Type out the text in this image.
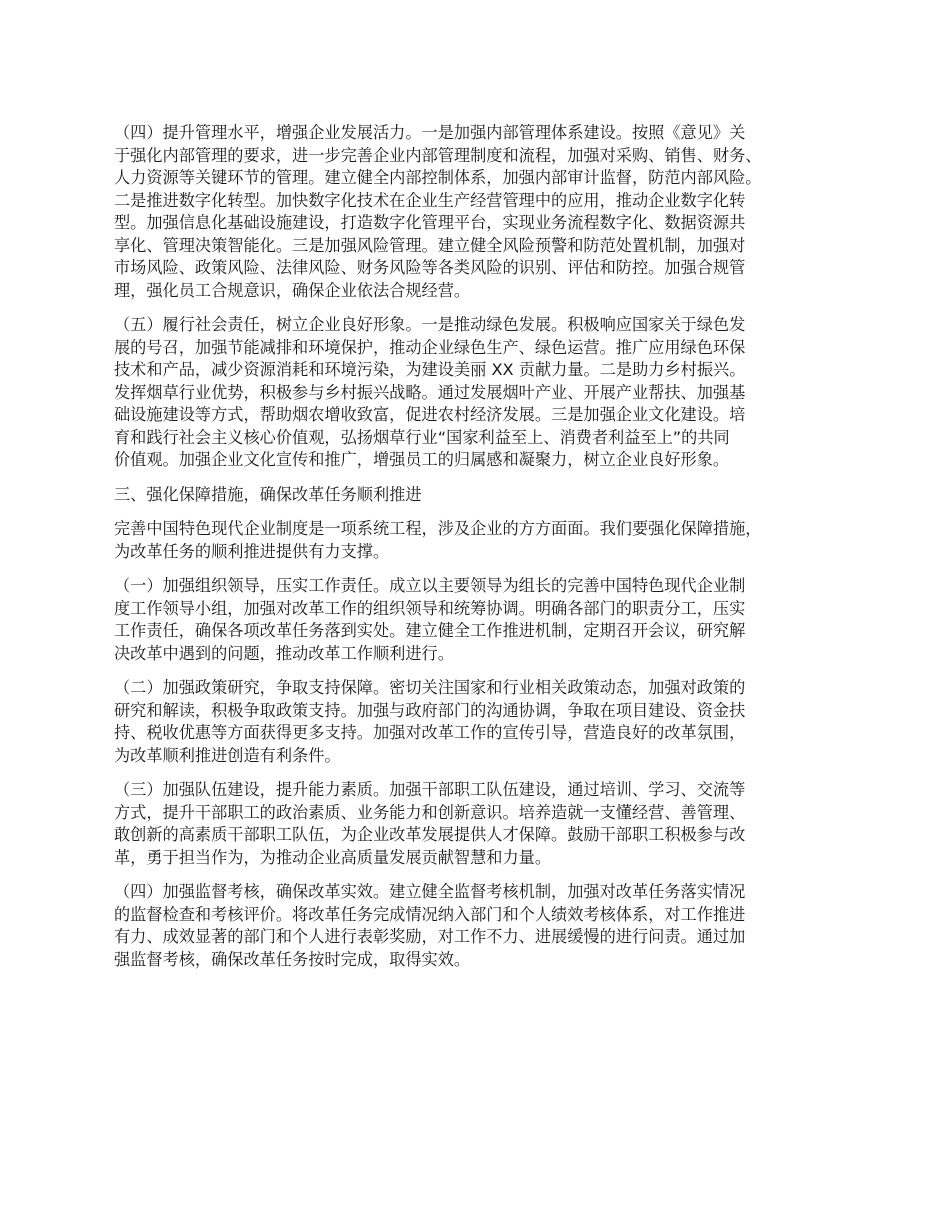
（四）提升管理水平，增强企业发展活力。一是加强内部管理体系建设。按照《意见》关
于强化内部管理的要求，进一步完善企业内部管理制度和流程，加强对采购、销售、财务、
人力资源等关键环节的管理。建立健全内部控制体系，加强内部审计监督，防范内部风险。
二是推进数字化转型。加快数字化技术在企业生产经营管理中的应用，推动企业数字化转
型。加强信息化基础设施建设，打造数字化管理平台，实现业务流程数字化、数据资源共
享化、管理决策智能化。三是加强风险管理。建立健全风险预警和防范处置机制，加强对
市场风险、政策风险、法律风险、财务风险等各类风险的识别、评估和防控。加强合规管
理，强化员工合规意识，确保企业依法合规经营。
（五）履行社会责任，树立企业良好形象。一是推动绿色发展。积极响应国家关于绿色发
展的号召，加强节能减排和环境保护，推动企业绿色生产、绿色运营。推广应用绿色环保
技术和产品，减少资源消耗和环境污染，为建设美丽 XX 贡献力量。二是助力乡村振兴。
发挥烟草行业优势，积极参与乡村振兴战略。通过发展烟叶产业、开展产业帮扶、加强基
础设施建设等方式，帮助烟农增收致富，促进农村经济发展。三是加强企业文化建设。培
育和践行社会主义核心价值观，弘扬烟草行业“国家利益至上、消费者利益至上”的共同
价值观。加强企业文化宣传和推广，增强员工的归属感和凝聚力，树立企业良好形象。
三、强化保障措施，确保改革任务顺利推进
完善中国特色现代企业制度是一项系统工程，涉及企业的方方面面。我们要强化保障措施，
为改革任务的顺利推进提供有力支撑。
（一）加强组织领导，压实工作责任。成立以主要领导为组长的完善中国特色现代企业制
度工作领导小组，加强对改革工作的组织领导和统筹协调。明确各部门的职责分工，压实
工作责任，确保各项改革任务落到实处。建立健全工作推进机制，定期召开会议，研究解
决改革中遇到的问题，推动改革工作顺利进行。
（二）加强政策研究，争取支持保障。密切关注国家和行业相关政策动态，加强对政策的
研究和解读，积极争取政策支持。加强与政府部门的沟通协调，争取在项目建设、资金扶
持、税收优惠等方面获得更多支持。加强对改革工作的宣传引导，营造良好的改革氛围，
为改革顺利推进创造有利条件。
（三）加强队伍建设，提升能力素质。加强干部职工队伍建设，通过培训、学习、交流等
方式，提升干部职工的政治素质、业务能力和创新意识。培养造就一支懂经营、善管理、
敢创新的高素质干部职工队伍，为企业改革发展提供人才保障。鼓励干部职工积极参与改
革，勇于担当作为，为推动企业高质量发展贡献智慧和力量。
（四）加强监督考核，确保改革实效。建立健全监督考核机制，加强对改革任务落实情况
的监督检查和考核评价。将改革任务完成情况纳入部门和个人绩效考核体系，对工作推进
有力、成效显著的部门和个人进行表彰奖励，对工作不力、进展缓慢的进行问责。通过加
强监督考核，确保改革任务按时完成，取得实效。
